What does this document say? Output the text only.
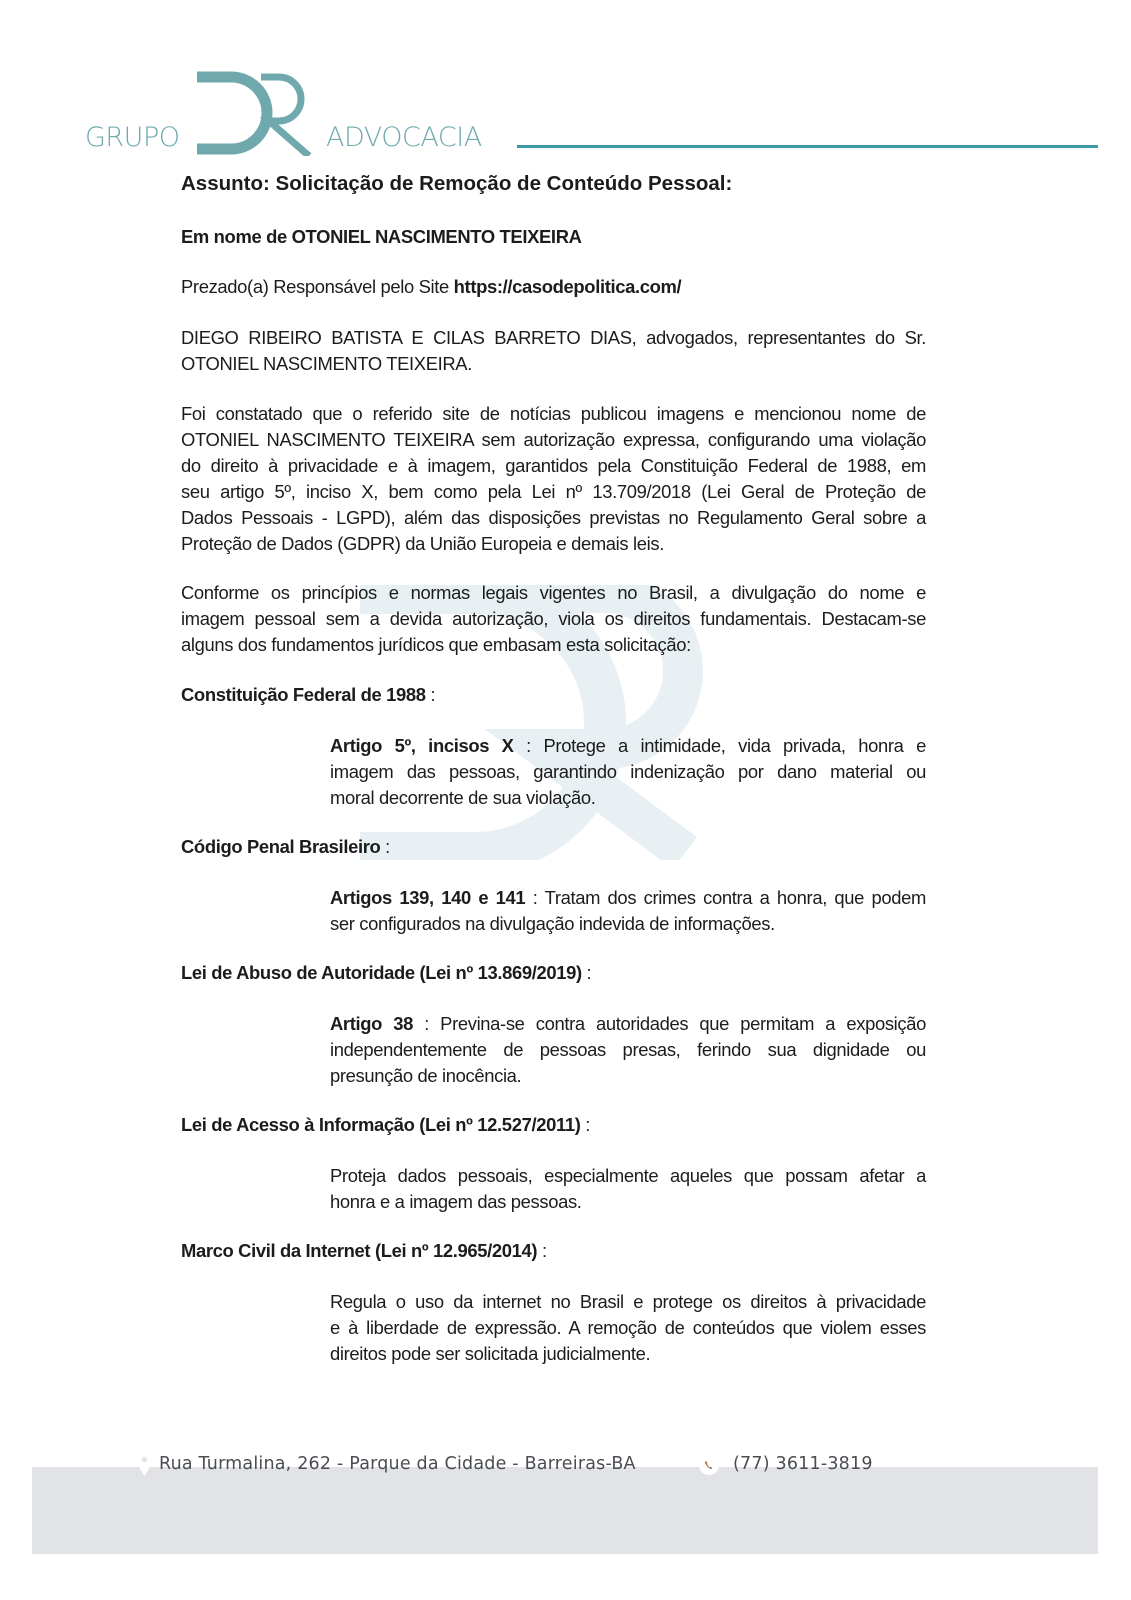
GRUPO	ADVOCACIA
Assunto: Solicitação de Remoção de Conteúdo Pessoal:
Em nome de OTONIEL NASCIMENTO TEIXEIRA
Prezado(a) Responsável pelo Site https://casodepolitica.com/
DIEGO RIBEIRO BATISTA E CILAS BARRETO DIAS, advogados, representantes do Sr.
OTONIEL NASCIMENTO TEIXEIRA.
Foi constatado que o referido site de notícias publicou imagens e mencionou nome de
OTONIEL NASCIMENTO TEIXEIRA sem autorização expressa, configurando uma violação
do direito à privacidade e à imagem, garantidos pela Constituição Federal de 1988, em
seu artigo 5º, inciso X, bem como pela Lei nº 13.709/2018 (Lei Geral de Proteção de
Dados Pessoais - LGPD), além das disposições previstas no Regulamento Geral sobre a
Proteção de Dados (GDPR) da União Europeia e demais leis.
Conforme os princípios e normas legais vigentes no Brasil, a divulgação do nome e
imagem pessoal sem a devida autorização, viola os direitos fundamentais. Destacam-se
alguns dos fundamentos jurídicos que embasam esta solicitação:
Constituição Federal de 1988 :
Artigo 5º, incisos X : Protege a intimidade, vida privada, honra e
imagem das pessoas, garantindo indenização por dano material ou
moral decorrente de sua violação.
Código Penal Brasileiro :
Artigos 139, 140 e 141 : Tratam dos crimes contra a honra, que podem
ser configurados na divulgação indevida de informações.
Lei de Abuso de Autoridade (Lei nº 13.869/2019) :
Artigo 38 : Previna-se contra autoridades que permitam a exposição
independentemente de pessoas presas, ferindo sua dignidade ou
presunção de inocência.
Lei de Acesso à Informação (Lei nº 12.527/2011) :
Proteja dados pessoais, especialmente aqueles que possam afetar a
honra e a imagem das pessoas.
Marco Civil da Internet (Lei nº 12.965/2014) :
Regula o uso da internet no Brasil e protege os direitos à privacidade
e à liberdade de expressão. A remoção de conteúdos que violem esses
direitos pode ser solicitada judicialmente.
Rua Turmalina, 262 - Parque da Cidade - Barreiras-BA	(77) 3611-3819
